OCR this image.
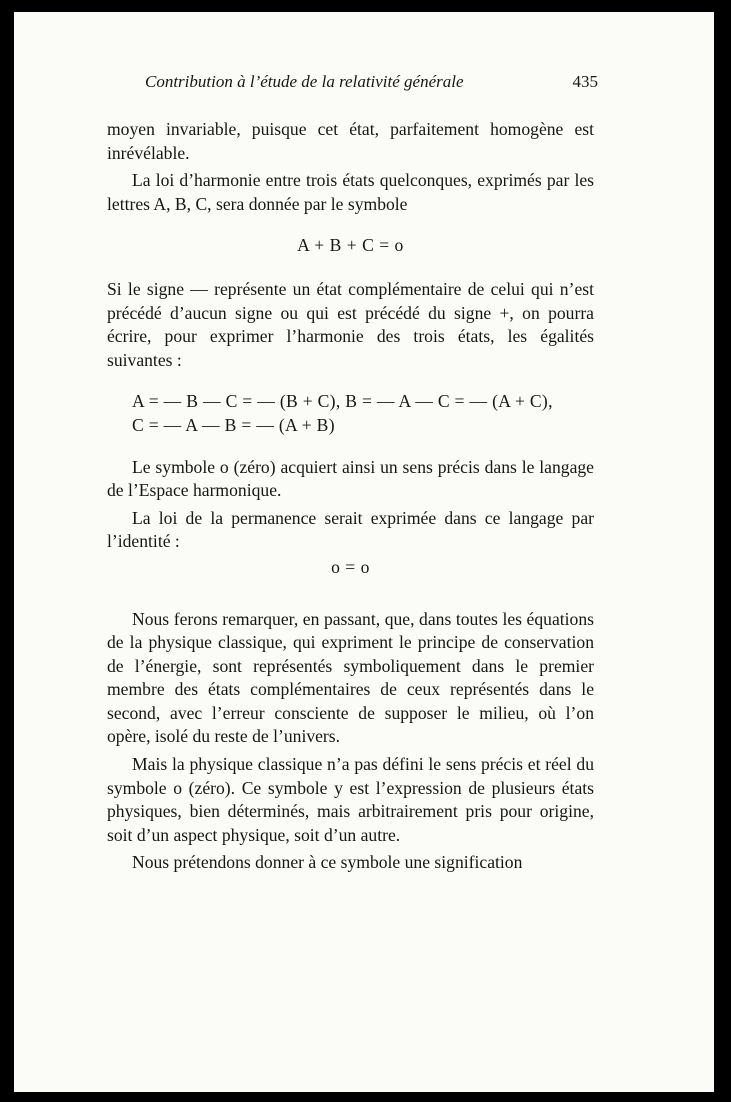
Contribution à l’étude de la relativité générale	435

moyen invariable, puisque cet état, parfaitement homogène est inrévélable.

La loi d’harmonie entre trois états quelconques, exprimés par les lettres A, B, C, sera donnée par le symbole

A + B + C = o

Si le signe — représente un état complémentaire de celui qui n’est précédé d’aucun signe ou qui est précédé du signe +, on pourra écrire, pour exprimer l’harmonie des trois états, les égalités suivantes :

A = — B — C = — (B + C), B = — A — C = — (A + C),
C = — A — B = — (A + B)

Le symbole o (zéro) acquiert ainsi un sens précis dans le langage de l’Espace harmonique.

La loi de la permanence serait exprimée dans ce langage par l’identité :

o = o

Nous ferons remarquer, en passant, que, dans toutes les équations de la physique classique, qui expriment le principe de conservation de l’énergie, sont représentés symboliquement dans le premier membre des états complémentaires de ceux représentés dans le second, avec l’erreur consciente de supposer le milieu, où l’on opère, isolé du reste de l’univers.

Mais la physique classique n’a pas défini le sens précis et réel du symbole o (zéro). Ce symbole y est l’expression de plusieurs états physiques, bien déterminés, mais arbitrairement pris pour origine, soit d’un aspect physique, soit d’un autre.

Nous prétendons donner à ce symbole une signification
